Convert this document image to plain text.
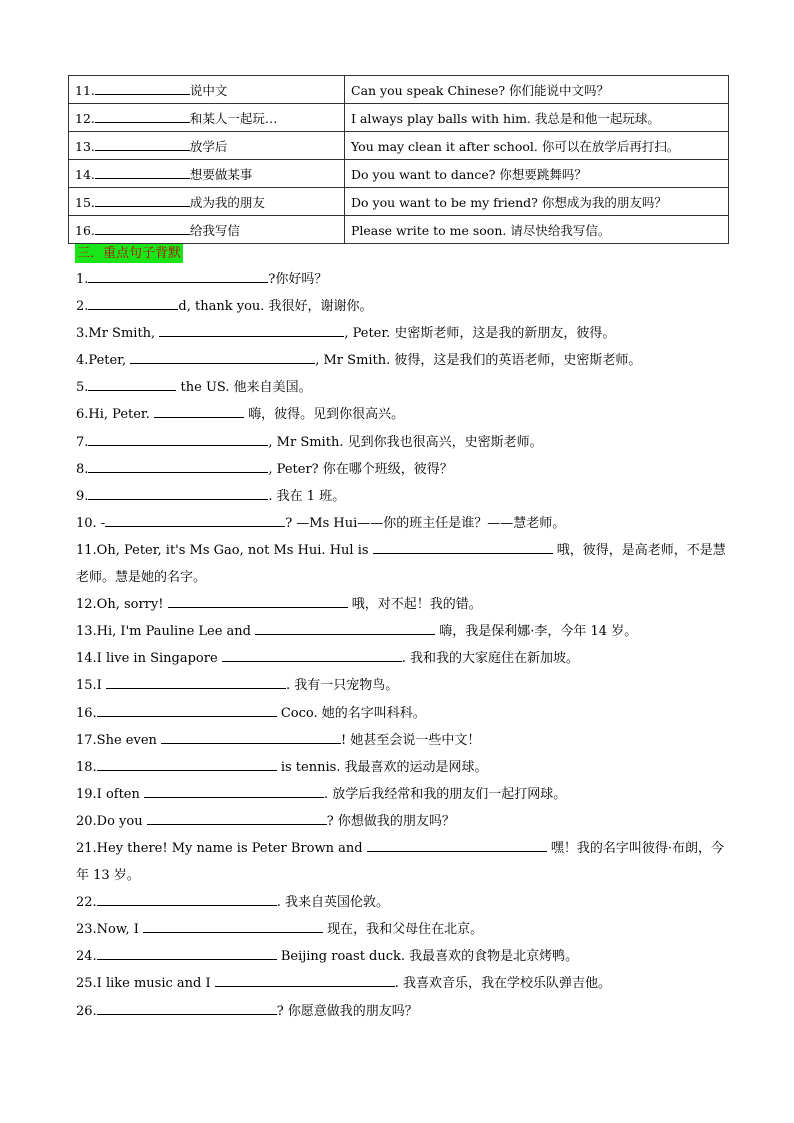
11. 说中文	Can you speak Chinese? 你们能说中文吗？
12. 和某人一起玩…	I always play balls with him. 我总是和他一起玩球。
13. 放学后	You may clean it after school. 你可以在放学后再打扫。
14. 想要做某事	Do you want to dance? 你想要跳舞吗？
15. 成为我的朋友	Do you want to be my friend? 你想成为我的朋友吗？
16. 给我写信	Please write to me soon. 请尽快给我写信。
三．重点句子背默
1.	?你好吗？
2.	d, thank you. 我很好，谢谢你。
3.Mr Smith,	, Peter. 史密斯老师，这是我的新朋友，彼得。
4.Peter,	, Mr Smith. 彼得，这是我们的英语老师，史密斯老师。
5.	the US. 他来自美国。
6.Hi, Peter.	嗨，彼得。见到你很高兴。
7.	, Mr Smith. 见到你我也很高兴，史密斯老师。
8.	, Peter? 你在哪个班级，彼得？
9.	. 我在 1 班。
10. -	? —Ms Hui——你的班主任是谁？——慧老师。
11.Oh, Peter, it's Ms Gao, not Ms Hui. Hul is	哦，彼得，是高老师，不是慧老师。慧是她的名字。
12.Oh, sorry!	哦，对不起！我的错。
13.Hi, I'm Pauline Lee and	嗨，我是保利娜·李，今年 14 岁。
14.I live in Singapore	. 我和我的大家庭住在新加坡。
15.I	. 我有一只宠物鸟。
16.	Coco. 她的名字叫科科。
17.She even	! 她甚至会说一些中文！
18.	is tennis. 我最喜欢的运动是网球。
19.I often	. 放学后我经常和我的朋友们一起打网球。
20.Do you	? 你想做我的朋友吗？
21.Hey there! My name is Peter Brown and	嘿！我的名字叫彼得·布朗，今年 13 岁。
22.	. 我来自英国伦敦。
23.Now, I	现在，我和父母住在北京。
24.	Beijing roast duck. 我最喜欢的食物是北京烤鸭。
25.I like music and I	. 我喜欢音乐，我在学校乐队弹吉他。
26.	? 你愿意做我的朋友吗？
